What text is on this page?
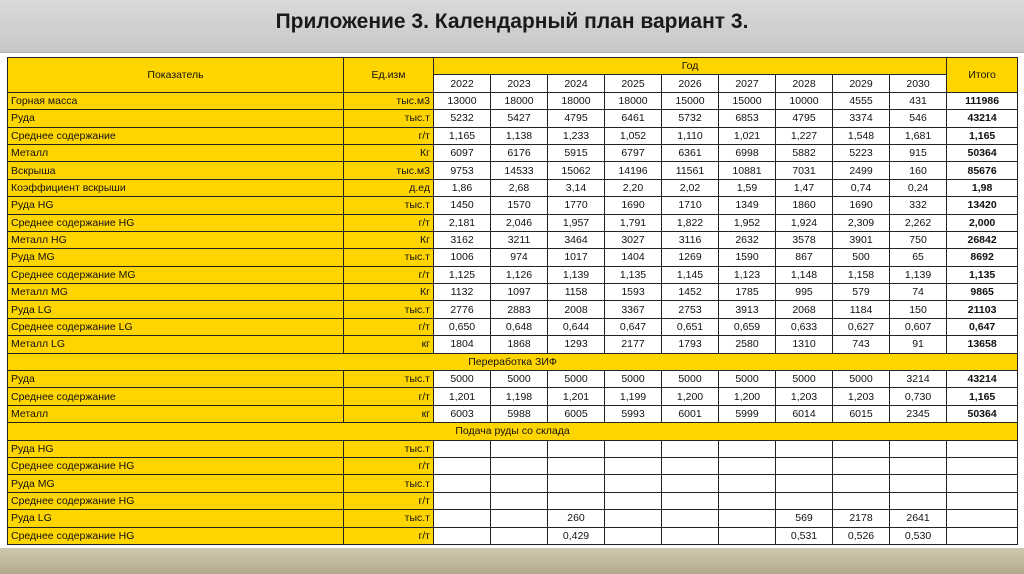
Приложение 3. Календарный план вариант 3.
Показатель	Ед.изм	Год									Итого
		2022	2023	2024	2025	2026	2027	2028	2029	2030	
Горная масса	тыс.м3	13000	18000	18000	18000	15000	15000	10000	4555	431	111986
Руда	тыс.т	5232	5427	4795	6461	5732	6853	4795	3374	546	43214
Среднее содержание	г/т	1,165	1,138	1,233	1,052	1,110	1,021	1,227	1,548	1,681	1,165
Металл	Кг	6097	6176	5915	6797	6361	6998	5882	5223	915	50364
Вскрыша	тыс.м3	9753	14533	15062	14196	11561	10881	7031	2499	160	85676
Коэффициент вскрыши	д.ед	1,86	2,68	3,14	2,20	2,02	1,59	1,47	0,74	0,24	1,98
Руда HG	тыс.т	1450	1570	1770	1690	1710	1349	1860	1690	332	13420
Среднее содержание HG	г/т	2,181	2,046	1,957	1,791	1,822	1,952	1,924	2,309	2,262	2,000
Металл HG	Кг	3162	3211	3464	3027	3116	2632	3578	3901	750	26842
Руда MG	тыс.т	1006	974	1017	1404	1269	1590	867	500	65	8692
Среднее содержание MG	г/т	1,125	1,126	1,139	1,135	1,145	1,123	1,148	1,158	1,139	1,135
Металл MG	Кг	1132	1097	1158	1593	1452	1785	995	579	74	9865
Руда LG	тыс.т	2776	2883	2008	3367	2753	3913	2068	1184	150	21103
Среднее содержание LG	г/т	0,650	0,648	0,644	0,647	0,651	0,659	0,633	0,627	0,607	0,647
Металл LG	кг	1804	1868	1293	2177	1793	2580	1310	743	91	13658
Переработка ЗИФ											
Руда	тыс.т	5000	5000	5000	5000	5000	5000	5000	5000	3214	43214
Среднее содержание	г/т	1,201	1,198	1,201	1,199	1,200	1,200	1,203	1,203	0,730	1,165
Металл	кг	6003	5988	6005	5993	6001	5999	6014	6015	2345	50364
Подача руды со склада											
Руда HG	тыс.т										
Среднее содержание HG	г/т										
Руда MG	тыс.т										
Среднее содержание HG	г/т										
Руда LG	тыс.т			260				569	2178	2641	
Среднее содержание HG	г/т			0,429				0,531	0,526	0,530	
